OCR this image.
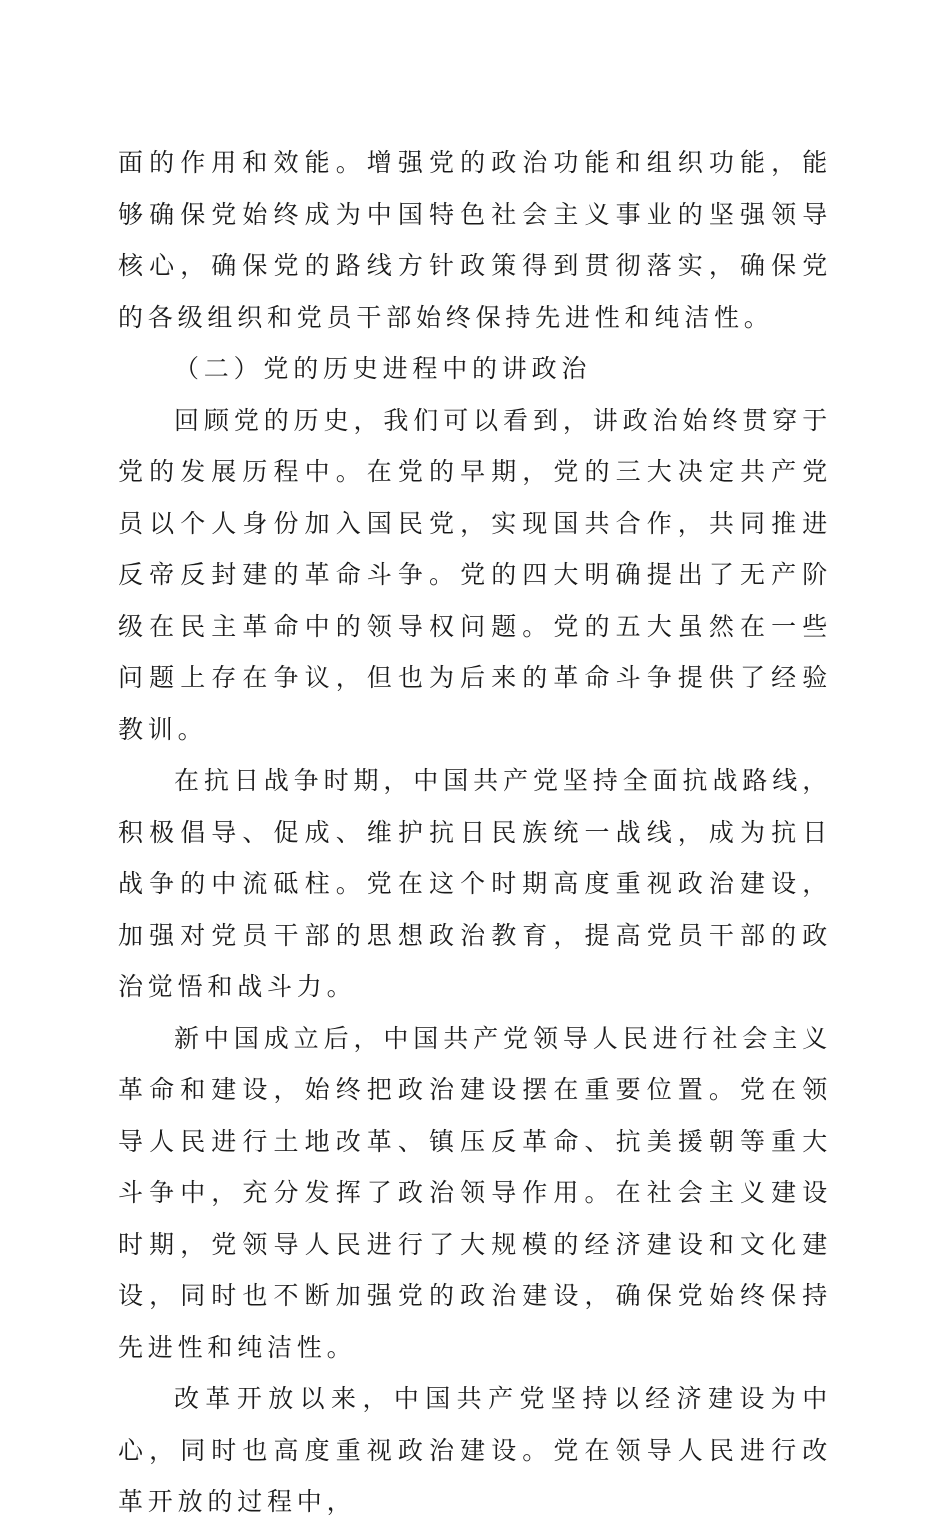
面的作用和效能。增强党的政治功能和组织功能，能够确保党始终成为中国特色社会主义事业的坚强领导核心，确保党的路线方针政策得到贯彻落实，确保党的各级组织和党员干部始终保持先进性和纯洁性。

（二）党的历史进程中的讲政治

回顾党的历史，我们可以看到，讲政治始终贯穿于党的发展历程中。在党的早期，党的三大决定共产党员以个人身份加入国民党，实现国共合作，共同推进反帝反封建的革命斗争。党的四大明确提出了无产阶级在民主革命中的领导权问题。党的五大虽然在一些问题上存在争议，但也为后来的革命斗争提供了经验教训。

在抗日战争时期，中国共产党坚持全面抗战路线，积极倡导、促成、维护抗日民族统一战线，成为抗日战争的中流砥柱。党在这个时期高度重视政治建设，加强对党员干部的思想政治教育，提高党员干部的政治觉悟和战斗力。

新中国成立后，中国共产党领导人民进行社会主义革命和建设，始终把政治建设摆在重要位置。党在领导人民进行土地改革、镇压反革命、抗美援朝等重大斗争中，充分发挥了政治领导作用。在社会主义建设时期，党领导人民进行了大规模的经济建设和文化建设，同时也不断加强党的政治建设，确保党始终保持先进性和纯洁性。

改革开放以来，中国共产党坚持以经济建设为中心，同时也高度重视政治建设。党在领导人民进行改革开放的过程中，
